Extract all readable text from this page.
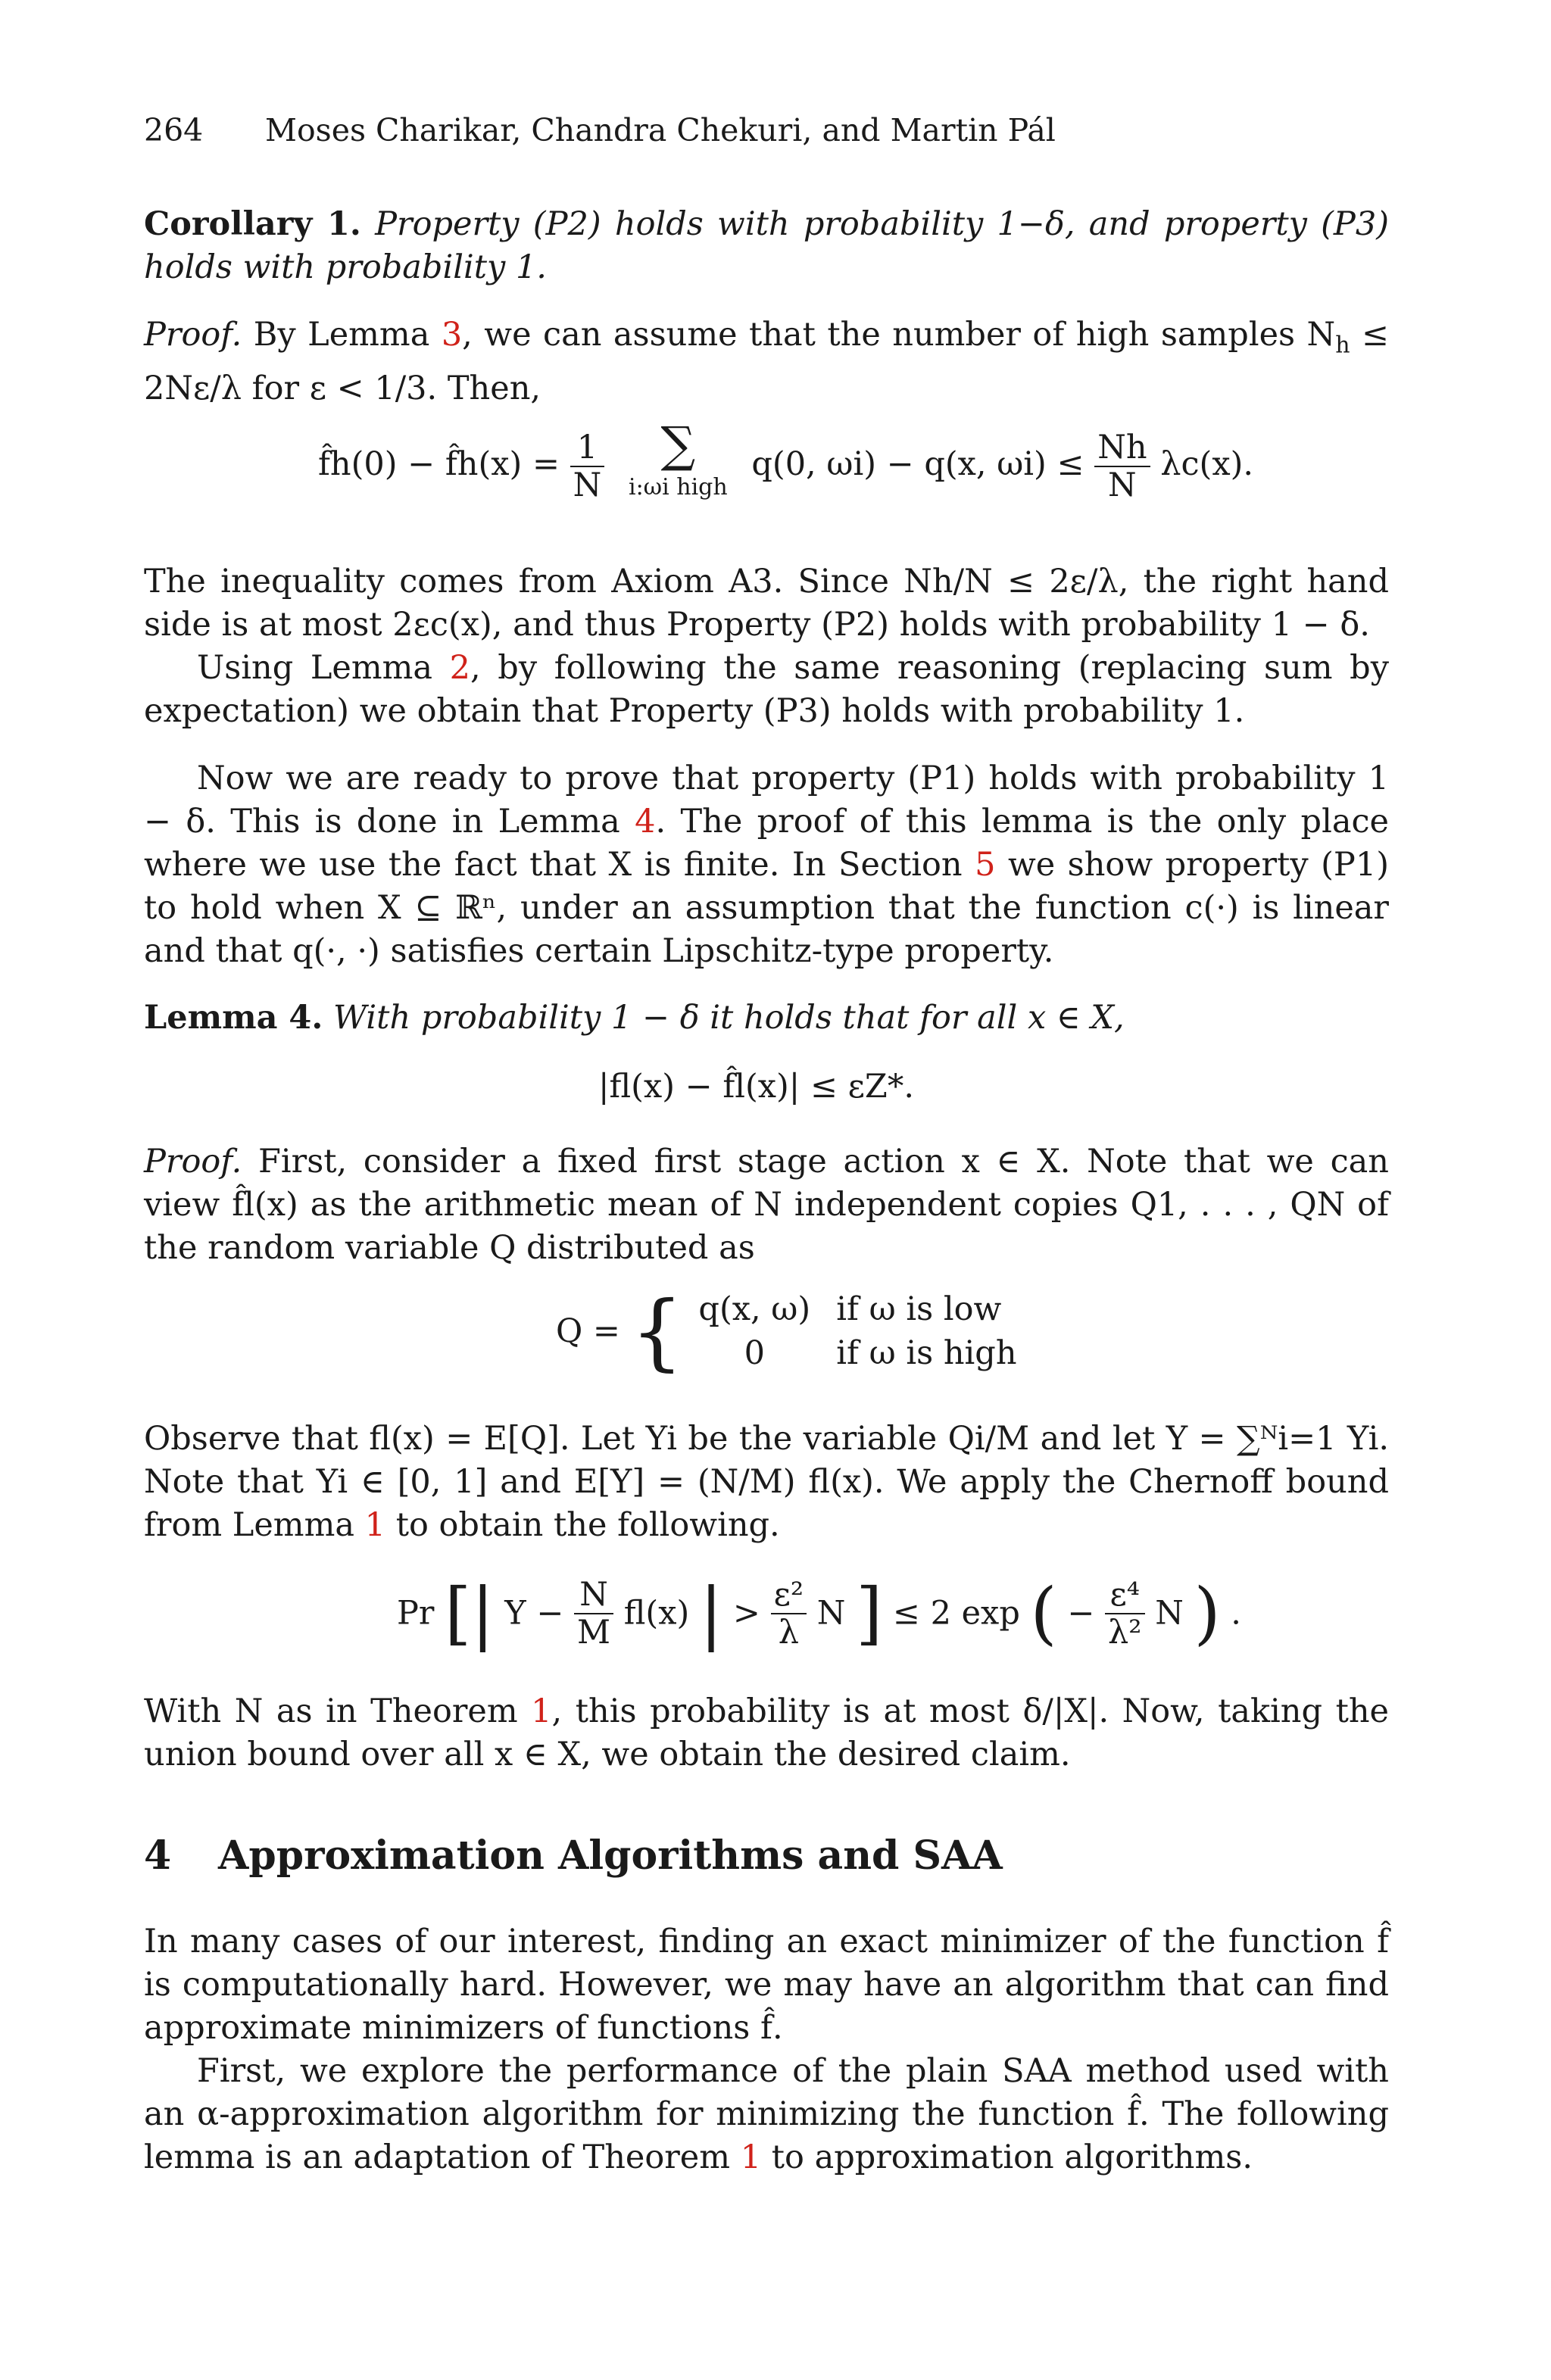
264 Moses Charikar, Chandra Chekuri, and Martin Pál

Corollary 1. Property (P2) holds with probability 1−δ, and property (P3) holds with probability 1.

Proof. By Lemma 3, we can assume that the number of high samples $N_h \le 2N\varepsilon/\lambda$ for ε < 1/3. Then,

f̂h(0) − f̂h(x) = $\frac{1}{N}$
	∑
i:ωi high
q(0, ωi) − q(x, $\omega i) \le \frac{Nh}{N} \lambda c(x)$.

The inequality comes from Axiom A3. Since Nh/N ≤ 2ε/λ, the right hand side is at most 2εc(x), and thus Property (P2) holds with probability 1 − δ.

Using Lemma 2, by following the same reasoning (replacing sum by expectation) we obtain that Property (P3) holds with probability 1.

Now we are ready to prove that property (P1) holds with probability 1 − δ. This is done in Lemma 4. The proof of this lemma is the only place where we use the fact that X is finite. In Section 5 we show property (P1) to hold when X ⊆ ℝⁿ, under an assumption that the function c(·) is linear and that q(·, ·) satisfies certain Lipschitz-type property.

Lemma 4. With probability 1 − δ it holds that for all x ∈ X,

|fl(x) − f̂l(x)| ≤ εZ*.

Proof. First, consider a fixed first stage action x ∈ X. Note that we can view f̂l(x) as the arithmetic mean of N independent copies Q1, . . . , QN of the random variable Q distributed as

Q = { q(x, ω) if ω is low
0 if ω is high

Observe that fl(x) = E[Q]. Let Yi be the variable Qi/M and let Y = ∑ᴺi=1 Yi. Note that Yi ∈ [0, 1] and E[Y] = (N/M) fl(x). We apply the Chernoff bound from Lemma 1 to obtain the following.

Pr [| $Y - \frac{N}{M} fl(x)$ | > $\frac{\text{ε²}}{\lambda}$ N ] ≤ 2 exp ( − $\frac{\text{ε⁴}}{\text{λ²}}$ N ) .

With N as in Theorem 1, this probability is at most δ/|X|. Now, taking the union bound over all x ∈ X, we obtain the desired claim.

4 Approximation Algorithms and SAA

In many cases of our interest, finding an exact minimizer of the function f̂ is computationally hard. However, we may have an algorithm that can find approximate minimizers of functions f̂.

First, we explore the performance of the plain SAA method used with an α-approximation algorithm for minimizing the function f̂. The following lemma is an adaptation of Theorem 1 to approximation algorithms.
